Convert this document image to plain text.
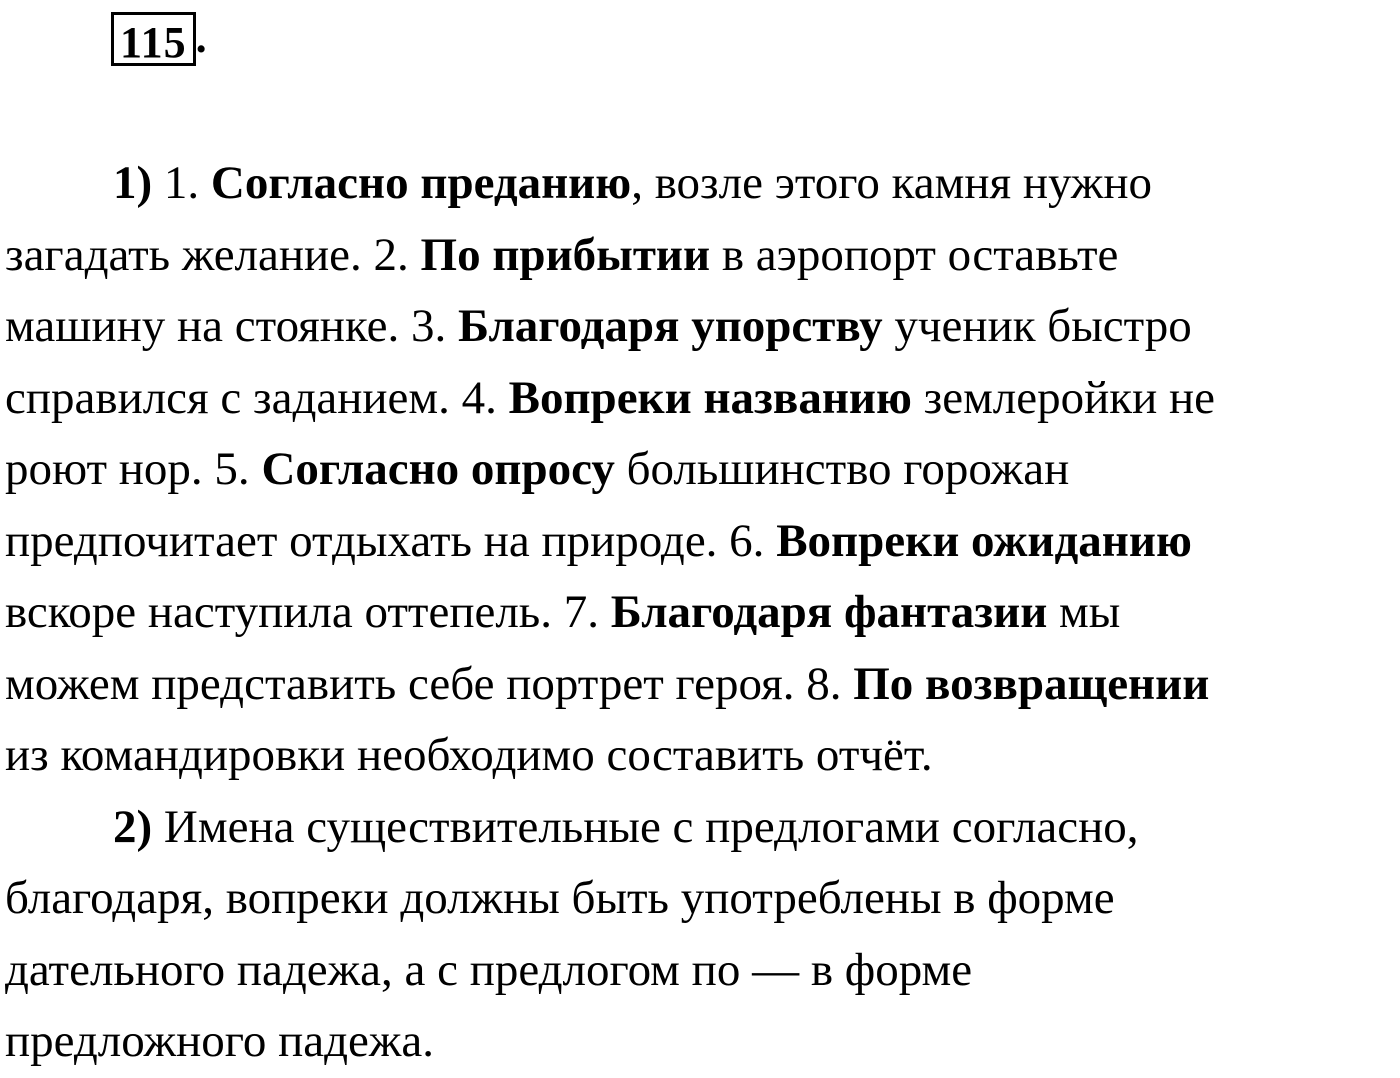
115 .
1) 1. Согласно преданию, возле этого камня нужно
загадать желание. 2. По прибытии в аэропорт оставьте
машину на стоянке. 3. Благодаря упорству ученик быстро
справился с заданием. 4. Вопреки названию землеройки не
роют нор. 5. Согласно опросу большинство горожан
предпочитает отдыхать на природе. 6. Вопреки ожиданию
вскоре наступила оттепель. 7. Благодаря фантазии мы
можем представить себе портрет героя. 8. По возвращении
из командировки необходимо составить отчёт.
2) Имена существительные с предлогами согласно,
благодаря, вопреки должны быть употреблены в форме
дательного падежа, а с предлогом по — в форме
предложного падежа.
